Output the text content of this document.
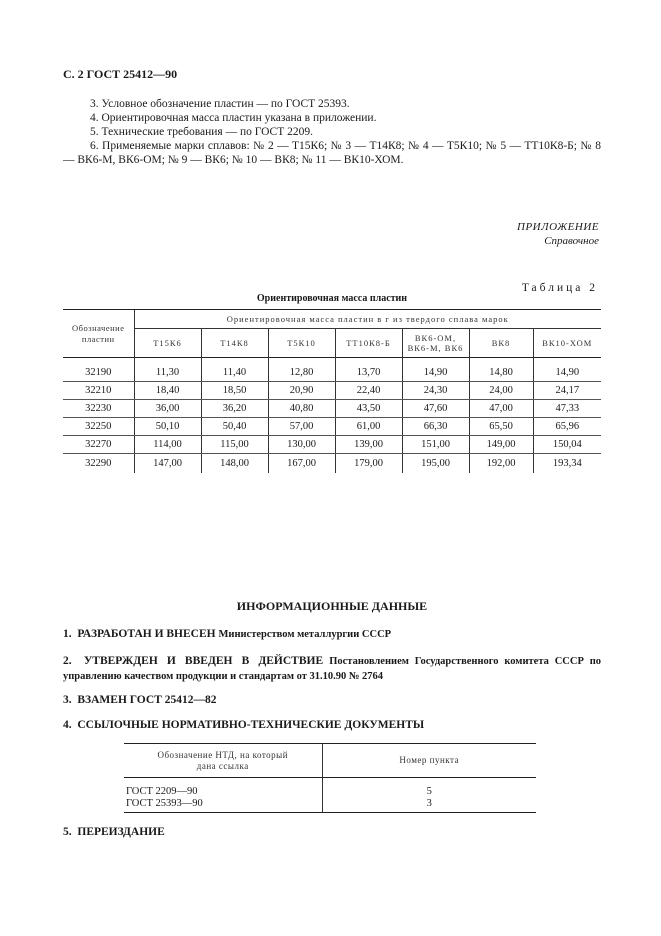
С. 2 ГОСТ 25412—90

3. Условное обозначение пластин — по ГОСТ 25393.

4. Ориентировочная масса пластин указана в приложении.

5. Технические требования — по ГОСТ 2209.

6. Применяемые марки сплавов: № 2 — Т15К6; № 3 — Т14К8; № 4 — Т5К10; № 5 — ТТ10К8-Б; № 8 — ВК6-М, ВК6-ОМ; № 9 — ВК6; № 10 — ВК8; № 11 — ВК10-ХОМ.

ПРИЛОЖЕНИЕ
Справочное
Таблица 2
Ориентировочная масса пластин
Обозначение пластин	Ориентировочная масса пластин в г из твердого сплава марок						
	Т15К6	Т14К8	Т5К10	ТТ10К8-Б	ВК6-ОМ,
ВК6-М, ВК6	ВК8	ВК10-ХОМ

32190	11,30	11,40	12,80	13,70	14,90	14,80	14,90
32210	18,40	18,50	20,90	22,40	24,30	24,00	24,17
32230	36,00	36,20	40,80	43,50	47,60	47,00	47,33
32250	50,10	50,40	57,00	61,00	66,30	65,50	65,96
32270	114,00	115,00	130,00	139,00	151,00	149,00	150,04
32290	147,00	148,00	167,00	179,00	195,00	192,00	193,34
ИНФОРМАЦИОННЫЕ ДАННЫЕ
1. РАЗРАБОТАН И ВНЕСЕН Министерством металлургии СССР
2. УТВЕРЖДЕН И ВВЕДЕН В ДЕЙСТВИЕ Постановлением Государственного комитета СССР по управлению качеством продукции и стандартам от 31.10.90 № 2764
3. ВЗАМЕН ГОСТ 25412—82
4. ССЫЛОЧНЫЕ НОРМАТИВНО-ТЕХНИЧЕСКИЕ ДОКУМЕНТЫ
Обозначение НТД, на который
дана ссылка	Номер пункта

ГОСТ 2209—90	5
ГОСТ 25393—90	3
5. ПЕРЕИЗДАНИЕ
